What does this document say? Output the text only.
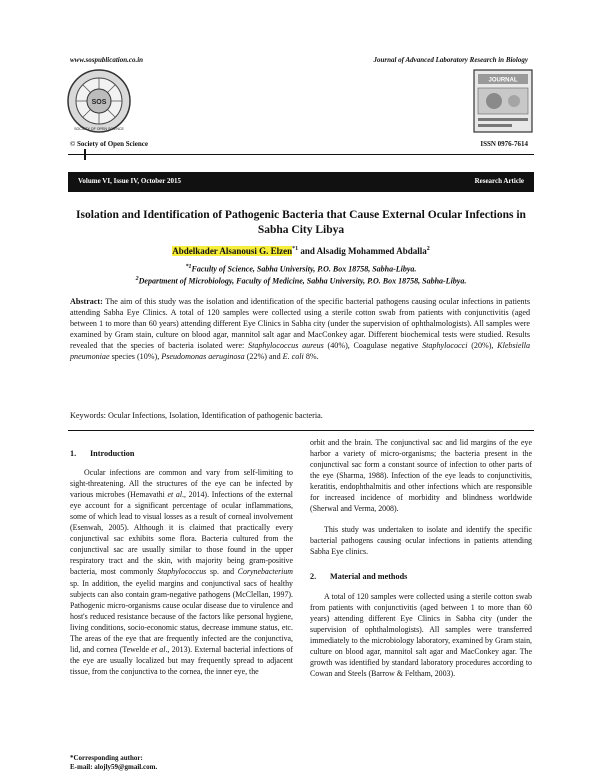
www.sospublication.co.in	Journal of Advanced Laboratory Research in Biology
SOS
SOCIETY OF OPEN SCIENCE
JOURNAL
© Society of Open Science	ISSN 0976-7614
Volume VI, Issue IV, October 2015	Research Article
Isolation and Identification of Pathogenic Bacteria that Cause External Ocular Infections in Sabha City Libya
Abdelkader Alsanousi G. Elzen$^{*1}$ and Alsadig Mohammed Abdalla$^2$
$^{*1}$Faculty of Science, Sabha University, P.O. Box 18758, Sabha-Libya.
$^2$Department of Microbiology, Faculty of Medicine, Sabha University, P.O. Box 18758, Sabha-Libya.
Abstract: The aim of this study was the isolation and identification of the specific bacterial pathogens causing ocular infections in patients attending Sabha Eye Clinics. A total of 120 samples were collected using a sterile cotton swab from patients with conjunctivitis (aged between 1 to more than 60 years) attending different Eye Clinics in Sabha city (under the supervision of ophthalmologists). All samples were examined by Gram stain, culture on blood agar, mannitol salt agar and MacConkey agar. Different biochemical tests were studied. Results revealed that the species of bacteria isolated were: Staphylococcus aureus (40%), Coagulase negative Staphylococci (20%), Klebsiella pneumoniae species (10%), Pseudomonas aeruginosa (22%) and E. coli 8%.
Keywords: Ocular Infections, Isolation, Identification of pathogenic bacteria.
1. Introduction

Ocular infections are common and vary from self-limiting to sight-threatening. All the structures of the eye can be infected by various microbes (Hemavathi et al., 2014). Infections of the external eye account for a significant percentage of ocular inflammations, some of which lead to visual losses as a result of corneal involvement (Esenwah, 2005). Although it is claimed that practically every conjunctival sac exhibits some flora. Bacteria cultured from the conjunctival sac are usually similar to those found in the upper respiratory tract and the skin, with majority being gram-positive bacteria, most commonly Staphylococcus sp. and Corynebacterium sp. In addition, the eyelid margins and conjunctival sacs of healthy subjects can also contain gram-negative pathogens (McClellan, 1997). Pathogenic micro-organisms cause ocular disease due to virulence and host's reduced resistance because of the factors like personal hygiene, living conditions, socio-economic status, decrease immune status, etc. The areas of the eye that are frequently infected are the conjunctiva, lid, and cornea (Tewelde et al., 2013). External bacterial infections of the eye are usually localized but may frequently spread to adjacent tissue, from the conjunctiva to the cornea, the inner eye, the

orbit and the brain. The conjunctival sac and lid margins of the eye harbor a variety of micro-organisms; the bacteria present in the conjunctival sac form a constant source of infection to other parts of the eye (Sharma, 1988). Infection of the eye leads to conjunctivitis, keratitis, endophthalmitis and other infections which are responsible for increased incidence of morbidity and blindness worldwide (Sherwal and Verma, 2008).

This study was undertaken to isolate and identify the specific bacterial pathogens causing ocular infections in patients attending Sabha Eye clinics.

2. Material and methods

A total of 120 samples were collected using a sterile cotton swab from patients with conjunctivitis (aged between 1 to more than 60 years) attending different Eye Clinics in Sabha city (under the supervision of ophthalmologists). All samples were transferred immediately to the microbiology laboratory, examined by Gram stain, culture on blood agar, mannitol salt agar and MacConkey agar. The growth was identified by standard laboratory procedures according to Cowan and Steels (Barrow & Feltham, 2003).

*Corresponding author:
E-mail: alojly59@gmail.com.
